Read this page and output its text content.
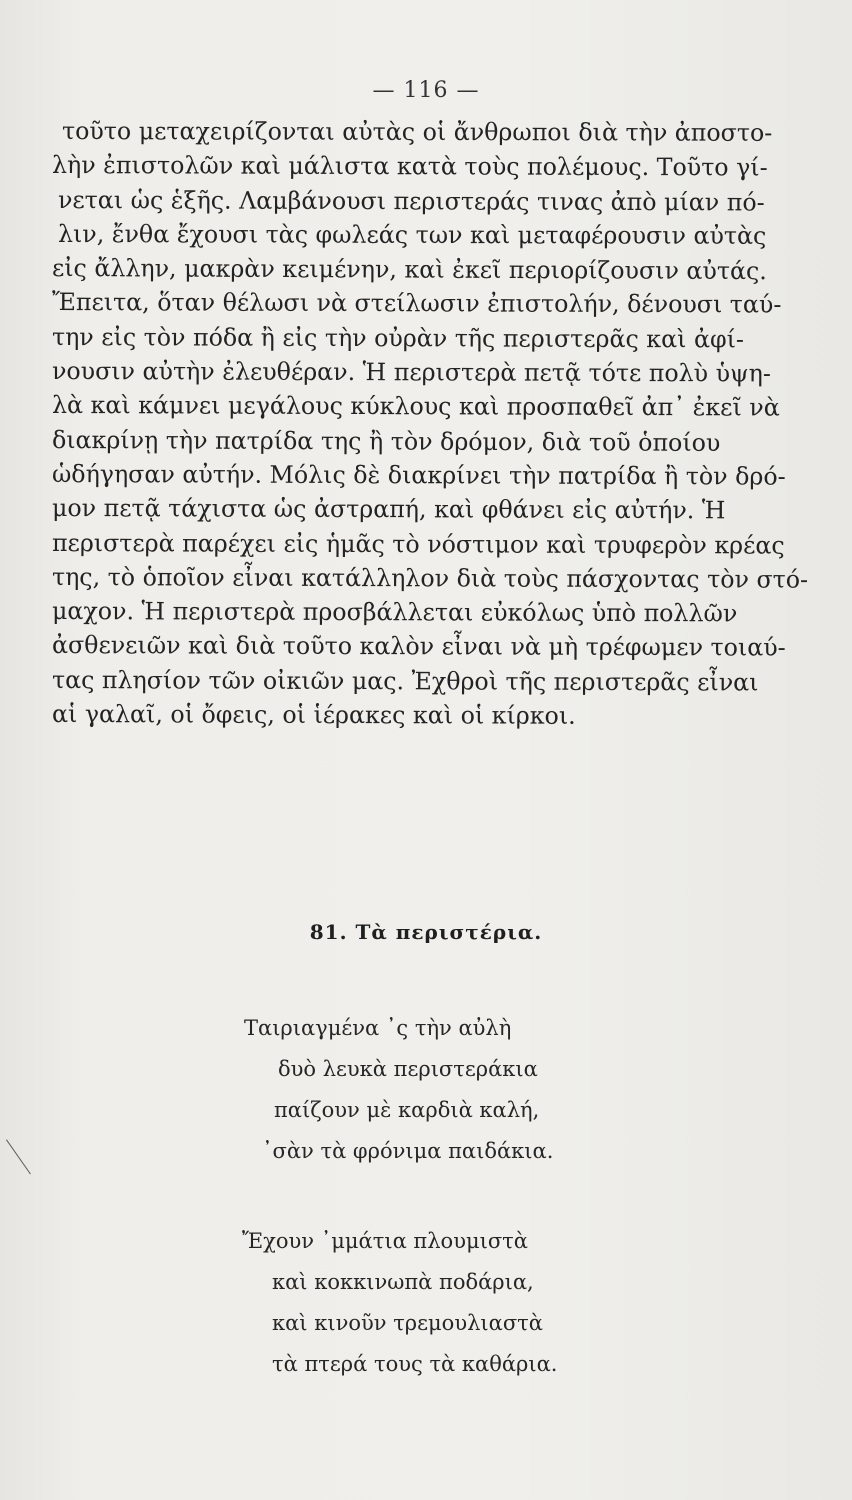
— 116 —
τοῦτο μεταχειρίζονται αὐτὰς οἱ ἄνθρωποι διὰ τὴν ἀποστο-
λὴν ἐπιστολῶν καὶ μάλιστα κατὰ τοὺς πολέμους. Τοῦτο γί-
νεται ὡς ἑξῆς. Λαμβάνουσι περιστεράς τινας ἀπὸ μίαν πό-
λιν, ἔνθα ἔχουσι τὰς φωλεάς των καὶ μεταφέρουσιν αὐτὰς
εἰς ἄλλην, μακρὰν κειμένην, καὶ ἐκεῖ περιορίζουσιν αὐτάς.
Ἔπειτα, ὅταν θέλωσι νὰ στείλωσιν ἐπιστολήν, δένουσι ταύ-
την εἰς τὸν πόδα ἢ εἰς τὴν οὐρὰν τῆς περιστερᾶς καὶ ἀφί-
νουσιν αὐτὴν ἐλευθέραν. Ἡ περιστερὰ πετᾷ τότε πολὺ ὑψη-
λὰ καὶ κάμνει μεγάλους κύκλους καὶ προσπαθεῖ ἀπ᾽ ἐκεῖ νὰ
διακρίνῃ τὴν πατρίδα της ἢ τὸν δρόμον, διὰ τοῦ ὁποίου
ὡδήγησαν αὐτήν. Μόλις δὲ διακρίνει τὴν πατρίδα ἢ τὸν δρό-
μον πετᾷ τάχιστα ὡς ἀστραπή, καὶ φθάνει εἰς αὐτήν. Ἡ
περιστερὰ παρέχει εἰς ἡμᾶς τὸ νόστιμον καὶ τρυφερὸν κρέας
της, τὸ ὁποῖον εἶναι κατάλληλον διὰ τοὺς πάσχοντας τὸν στό-
μαχον. Ἡ περιστερὰ προσβάλλεται εὐκόλως ὑπὸ πολλῶν
ἀσθενειῶν καὶ διὰ τοῦτο καλὸν εἶναι νὰ μὴ τρέφωμεν τοιαύ-
τας πλησίον τῶν οἰκιῶν μας. Ἐχθροὶ τῆς περιστερᾶς εἶναι
αἱ γαλαῖ, οἱ ὄφεις, οἱ ἱέρακες καὶ οἱ κίρκοι.
81. Τὰ περιστέρια.
Ταιριαγμένα ᾽ς τὴν αὐλὴ
δυὸ λευκὰ περιστεράκια
παίζουν μὲ καρδιὰ καλή,
᾽σὰν τὰ φρόνιμα παιδάκια.
Ἔχουν ᾽μμάτια πλουμιστὰ
καὶ κοκκινωπὰ ποδάρια,
καὶ κινοῦν τρεμουλιαστὰ
τὰ πτερά τους τὰ καθάρια.
